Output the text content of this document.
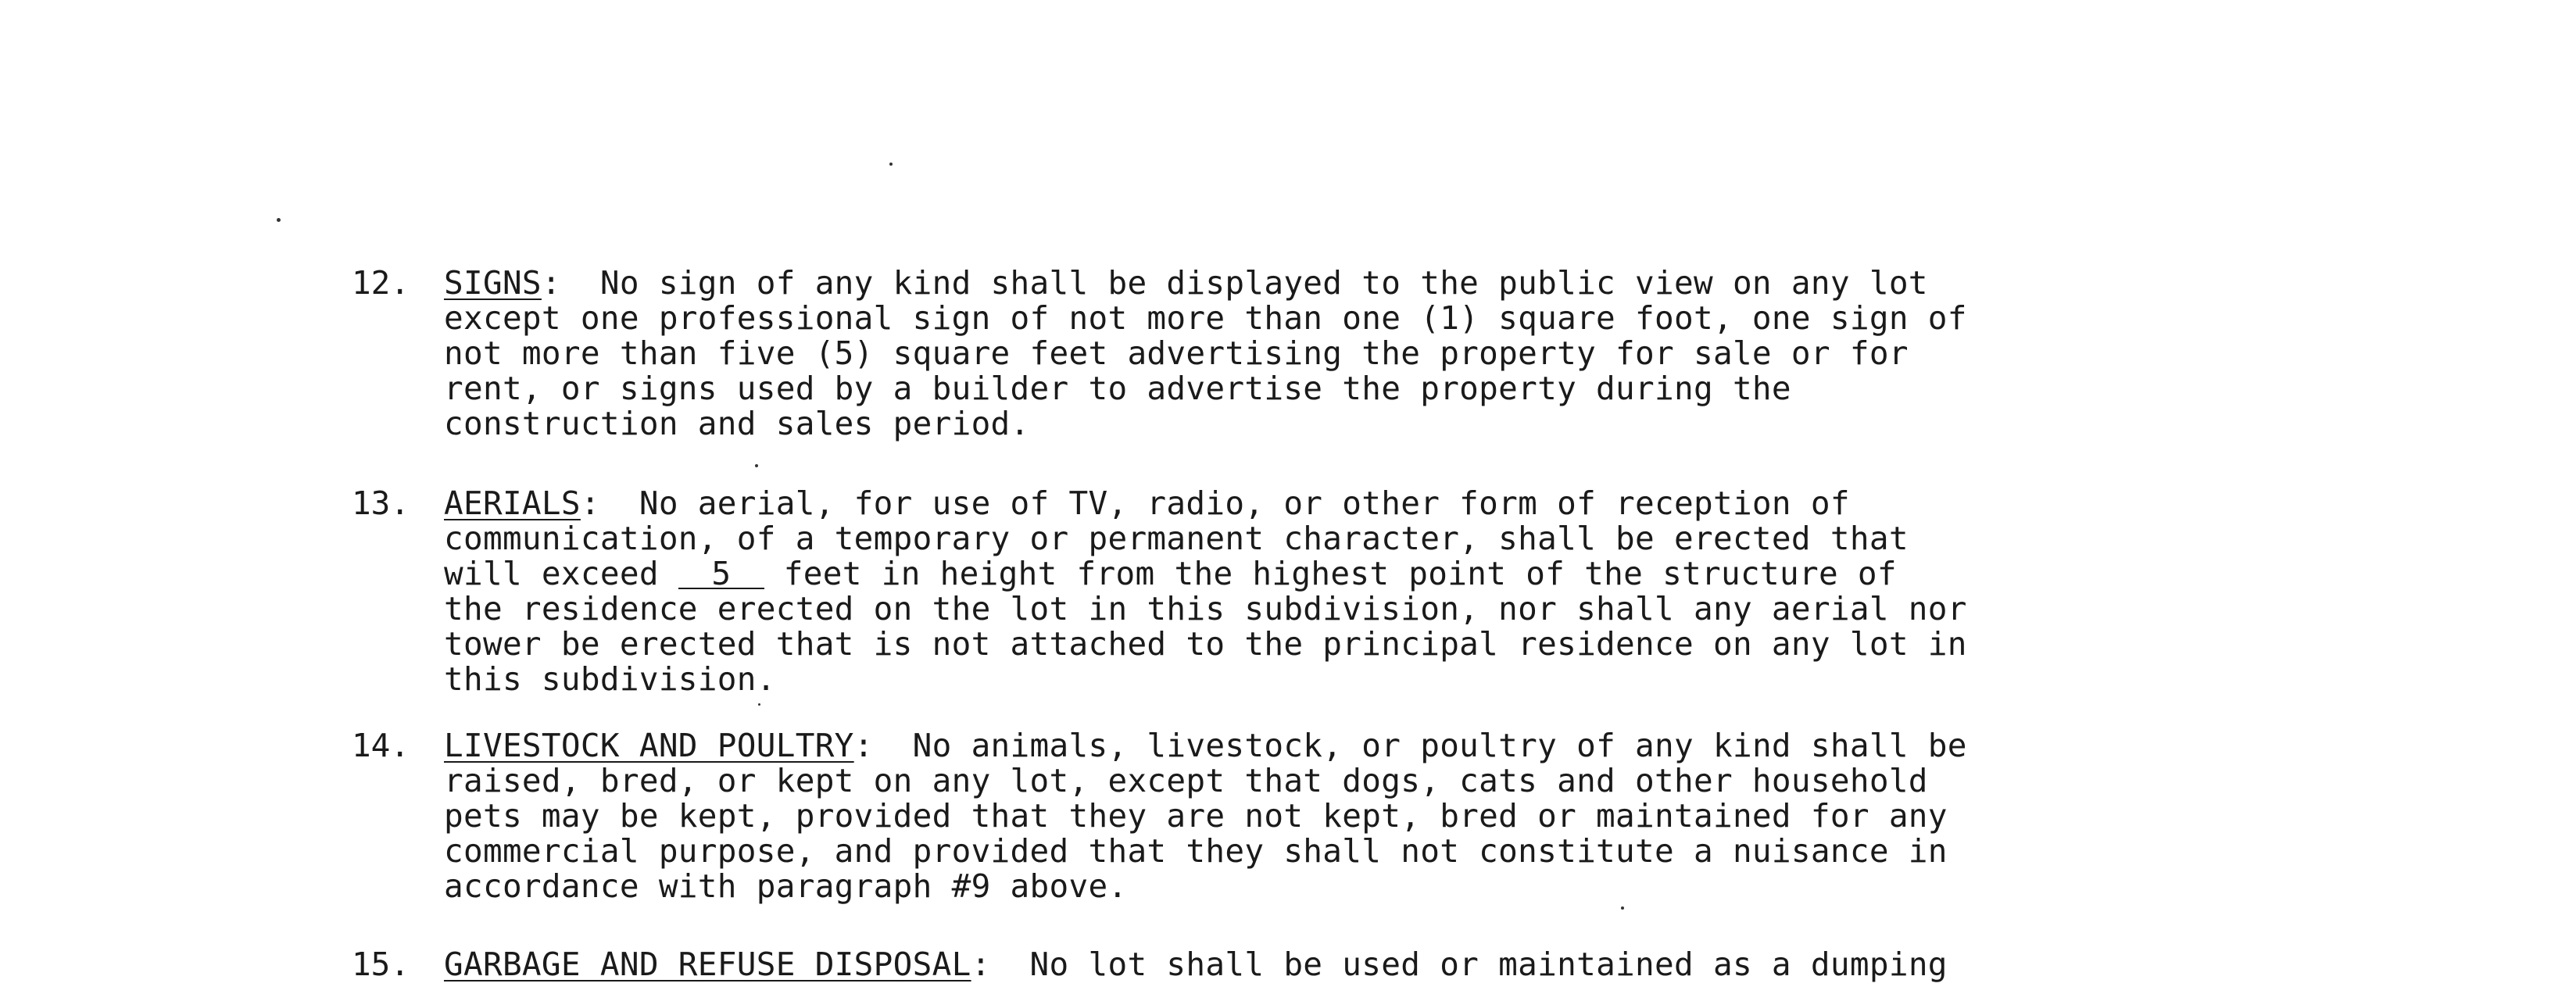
12.	SIGNS:  No sign of any kind shall be displayed to the public view on any lot
except one professional sign of not more than one (1) square foot, one sign of
not more than five (5) square feet advertising the property for sale or for
rent, or signs used by a builder to advertise the property during the
construction and sales period.
13.	AERIALS:  No aerial, for use of TV, radio, or other form of reception of
communication, of a temporary or permanent character, shall be erected that
will exceed 5 feet in height from the highest point of the structure of
the residence erected on the lot in this subdivision, nor shall any aerial nor
tower be erected that is not attached to the principal residence on any lot in
this subdivision.
14.	LIVESTOCK AND POULTRY:  No animals, livestock, or poultry of any kind shall be
raised, bred, or kept on any lot, except that dogs, cats and other household
pets may be kept, provided that they are not kept, bred or maintained for any
commercial purpose, and provided that they shall not constitute a nuisance in
accordance with paragraph #9 above.
15.	GARBAGE AND REFUSE DISPOSAL:  No lot shall be used or maintained as a dumping
